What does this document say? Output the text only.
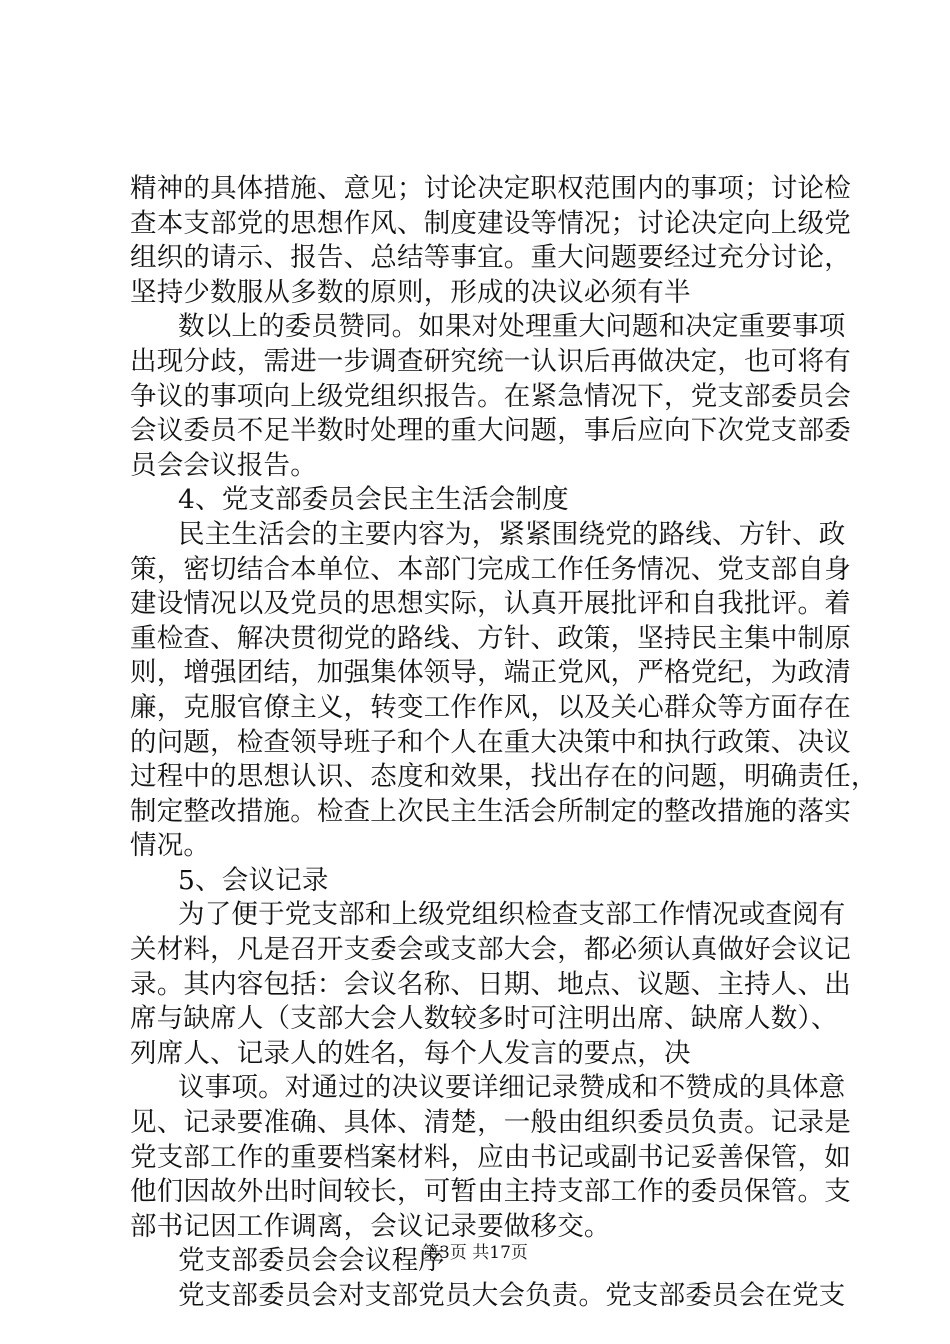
精神的具体措施、意见；讨论决定职权范围内的事项；讨论检
查本支部党的思想作风、制度建设等情况；讨论决定向上级党
组织的请示、报告、总结等事宜。重大问题要经过充分讨论，
坚持少数服从多数的原则，形成的决议必须有半
数以上的委员赞同。如果对处理重大问题和决定重要事项
出现分歧，需进一步调查研究统一认识后再做决定，也可将有
争议的事项向上级党组织报告。在紧急情况下，党支部委员会
会议委员不足半数时处理的重大问题，事后应向下次党支部委
员会会议报告。
4、党支部委员会民主生活会制度
民主生活会的主要内容为，紧紧围绕党的路线、方针、政
策，密切结合本单位、本部门完成工作任务情况、党支部自身
建设情况以及党员的思想实际，认真开展批评和自我批评。着
重检查、解决贯彻党的路线、方针、政策，坚持民主集中制原
则，增强团结，加强集体领导，端正党风，严格党纪，为政清
廉，克服官僚主义，转变工作作风，以及关心群众等方面存在
的问题，检查领导班子和个人在重大决策中和执行政策、决议
过程中的思想认识、态度和效果，找出存在的问题，明确责任，
制定整改措施。检查上次民主生活会所制定的整改措施的落实
情况。
5、会议记录
为了便于党支部和上级党组织检查支部工作情况或查阅有
关材料，凡是召开支委会或支部大会，都必须认真做好会议记
录。其内容包括：会议名称、日期、地点、议题、主持人、出
席与缺席人（支部大会人数较多时可注明出席、缺席人数）、
列席人、记录人的姓名，每个人发言的要点，决
议事项。对通过的决议要详细记录赞成和不赞成的具体意
见、记录要准确、具体、清楚，一般由组织委员负责。记录是
党支部工作的重要档案材料，应由书记或副书记妥善保管，如
他们因故外出时间较长，可暂由主持支部工作的委员保管。支
部书记因工作调离，会议记录要做移交。
党支部委员会会议程序
党支部委员会对支部党员大会负责。党支部委员会在党支
第3页 共17页
